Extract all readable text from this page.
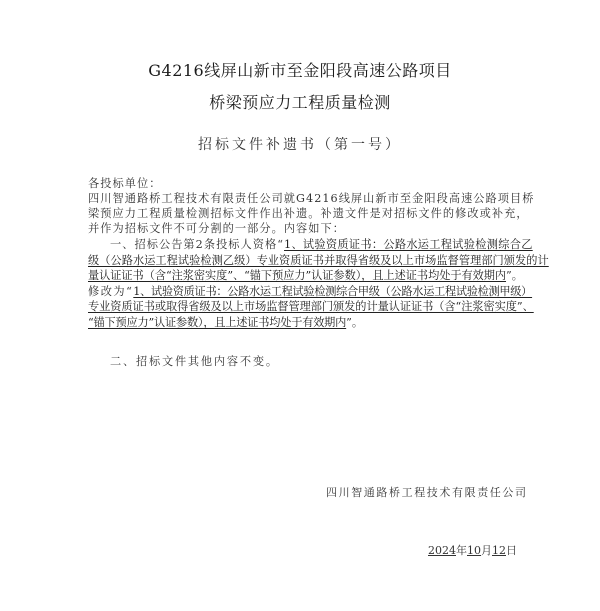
G4216线屏山新市至金阳段高速公路项目
桥梁预应力工程质量检测
招标文件补遗书（第一号）
各投标单位：
四川智通路桥工程技术有限责任公司就G4216线屏山新市至金阳段高速公路项目桥
梁预应力工程质量检测招标文件作出补遗。补遗文件是对招标文件的修改或补充，
并作为招标文件不可分割的一部分。内容如下：
一、招标公告第2条投标人资格“1、试验资质证书：公路水运工程试验检测综合乙
级（公路水运工程试验检测乙级）专业资质证书并取得省级及以上市场监督管理部门颁发的计
量认证证书（含“注浆密实度”、“锚下预应力”认证参数），且上述证书均处于有效期内”。
修改为“1、试验资质证书：公路水运工程试验检测综合甲级（公路水运工程试验检测甲级）
专业资质证书或取得省级及以上市场监督管理部门颁发的计量认证证书（含“注浆密实度”、
“锚下预应力”认证参数），且上述证书均处于有效期内”。
二、招标文件其他内容不变。
四川智通路桥工程技术有限责任公司
2024年10月12日
